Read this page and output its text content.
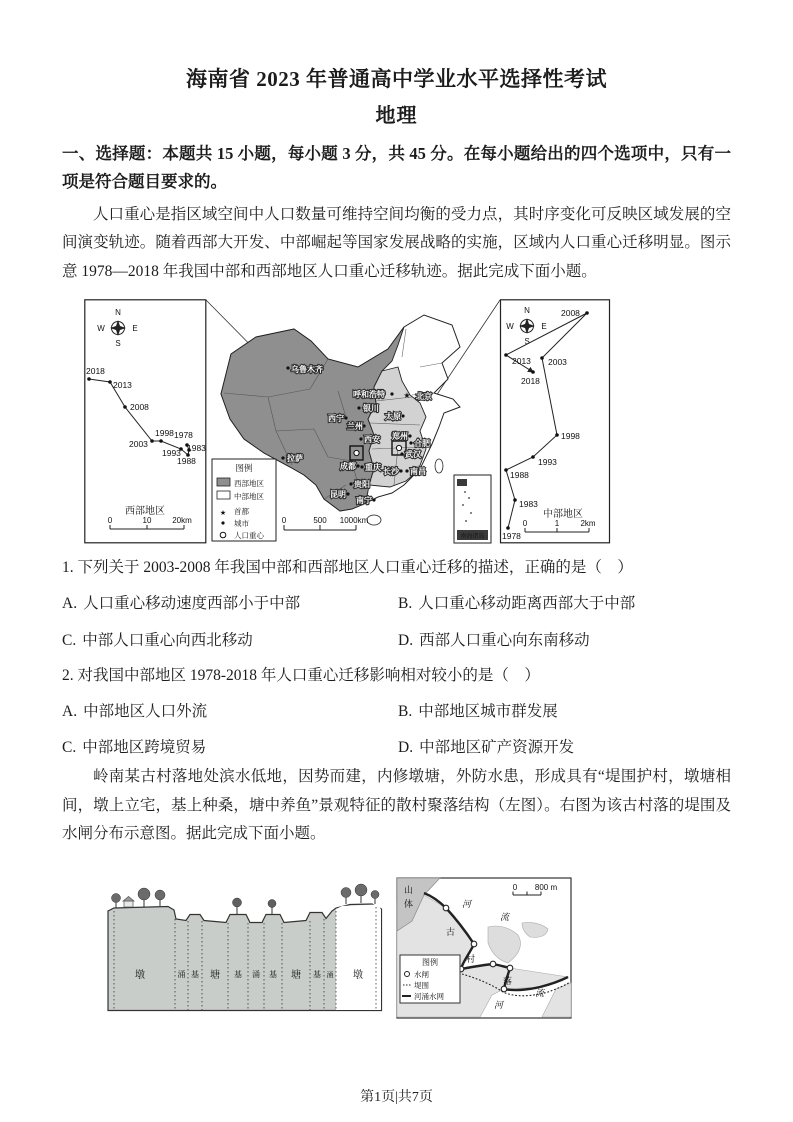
海南省 2023 年普通高中学业水平选择性考试
地理

一、选择题：本题共 15 小题，每小题 3 分，共 45 分。在每小题给出的四个选项中，只有一项是符合题目要求的。

人口重心是指区域空间中人口数量可维持空间均衡的受力点，其时序变化可反映区域发展的空间演变轨迹。随着西部大开发、中部崛起等国家发展战略的实施，区域内人口重心迁移明显。图示意 1978—2018 年我国中部和西部地区人口重心迁移轨迹。据此完成下面小题。

N
W	E
S
2018
2013
2008
2003
1998 1978
1983
1993
1988
西部地区
0	10	20km
★
乌鲁木齐
呼和浩特	北京
银川
太原
西宁
兰州
西安 郑州
合肥
武汉
拉萨
成都 重庆 长沙 南昌
贵阳
昆明
南宁
图例
西部地区
中部地区
★ 首都
城市
人口重心
0	500 1000km
南海诸岛
N
W	E
S
2008
2013 2003
2018
1998
1993
1988
1983
1978
中部地区
0	1	2km

1. 下列关于 2003-2008 年我国中部和西部地区人口重心迁移的描述，正确的是（　）

A. 人口重心移动速度西部小于中部	B. 人口重心移动距离西部大于中部
C. 中部人口重心向西北移动	D. 西部人口重心向东南移动

2. 对我国中部地区 1978-2018 年人口重心迁移影响相对较小的是（　）

A. 中部地区人口外流	B. 中部地区城市群发展
C. 中部地区跨境贸易	D. 中部地区矿产资源开发

岭南某古村落地处滨水低地，因势而建，内修墩塘，外防水患，形成具有“堤围护村，墩塘相间，墩上立宅，基上种桑，塘中养鱼”景观特征的散村聚落结构（左图）。右图为该古村落的堤围及水闸分布示意图。据此完成下面小题。

墩	涌 基 塘 基 涌 基 塘 基 涌 墩
山
体	河
流
古
村
落
河
流
图例
水闸
堤围
河涌水网
0 800 m
第1页|共7页
